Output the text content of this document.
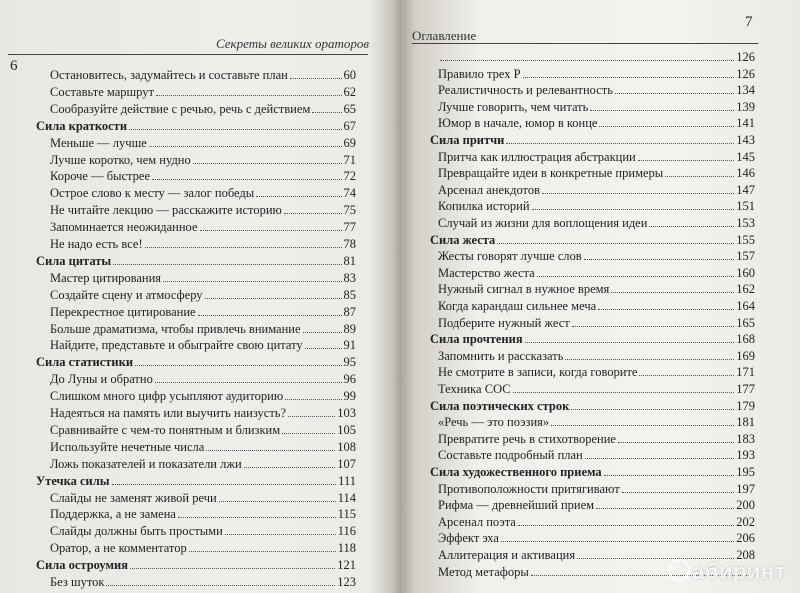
Секреты великих ораторов
6
Остановитесь, задумайтесь и составьте план	60
Составьте маршрут	62
Сообразуйте действие с речью, речь с действием	65
Сила краткости	67
Меньше — лучше	69
Лучше коротко, чем нудно	71
Короче — быстрее	72
Острое слово к месту — залог победы	74
Не читайте лекцию — расскажите историю	75
Запоминается неожиданное	77
Не надо есть все!	78
Сила цитаты	81
Мастер цитирования	83
Создайте сцену и атмосферу	85
Перекрестное цитирование	87
Больше драматизма, чтобы привлечь внимание	89
Найдите, представьте и обыграйте свою цитату	91
Сила статистики	95
До Луны и обратно	96
Слишком много цифр усыпляют аудиторию	99
Надеяться на память или выучить наизусть?	103
Сравнивайте с чем-то понятным и близким	105
Используйте нечетные числа	108
Ложь показателей и показатели лжи	107
Утечка силы	111
Слайды не заменят живой речи	114
Поддержка, а не замена	115
Слайды должны быть простыми	116
Оратор, а не комментатор	118
Сила остроумия	121
Без шуток	123
Оглавление
7
126
Правило трех P	126
Реалистичность и релевантность	134
Лучше говорить, чем читать	139
Юмор в начале, юмор в конце	141
Сила притчи	143
Притча как иллюстрация абстракции	145
Превращайте идеи в конкретные примеры	146
Арсенал анекдотов	147
Копилка историй	151
Случай из жизни для воплощения идеи	153
Сила жеста	155
Жесты говорят лучше слов	157
Мастерство жеста	160
Нужный сигнал в нужное время	162
Когда карандаш сильнее меча	164
Подберите нужный жест	165
Сила прочтения	168
Запомнить и рассказать	169
Не смотрите в записи, когда говорите	171
Техника СОС	177
Сила поэтических строк	179
«Речь — это поэзия»	181
Превратите речь в стихотворение	183
Составьте подробный план	193
Сила художественного приема	195
Противоположности притягивают	197
Рифма — древнейший прием	200
Арсенал поэта	202
Эффект эха	206
Аллитерация и активация	208
Метод метафоры	абиринт
